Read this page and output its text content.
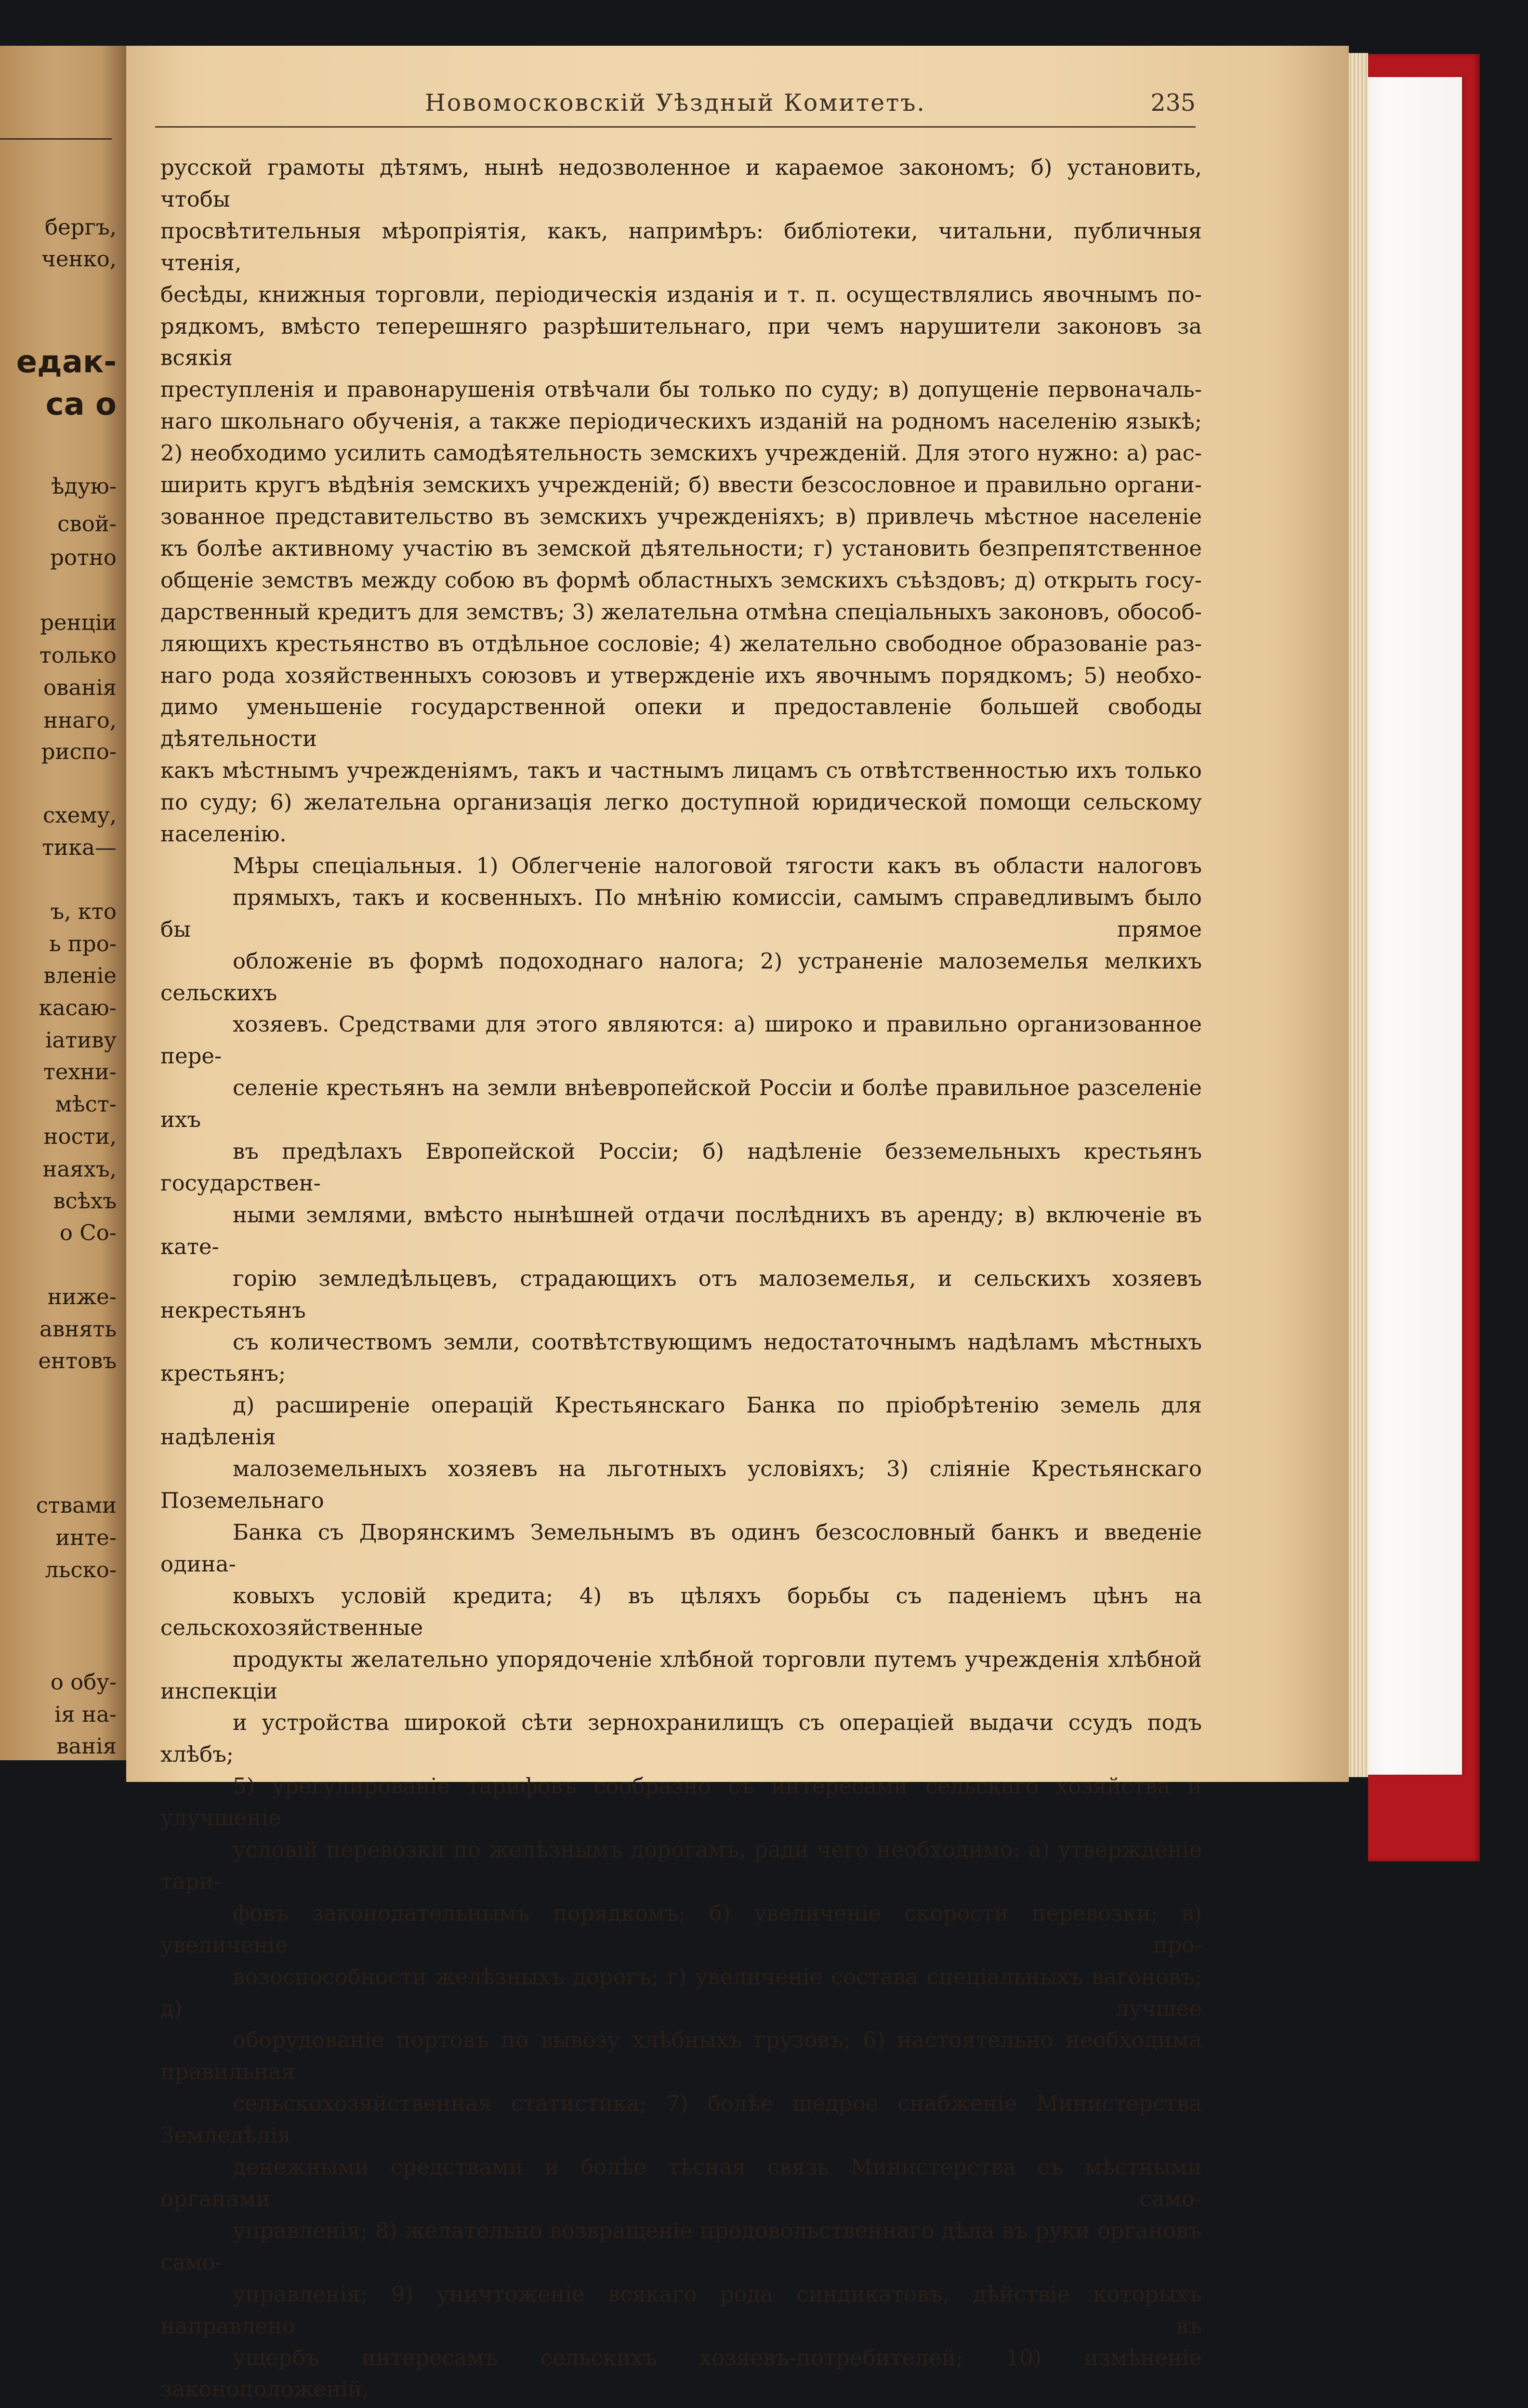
бергъ,

ченко,

едак-

са о

ѣдую-

свой-

ротно

ренціи

только

ованія

ннаго,

риспо-

схему,

тика—

ъ, кто

ь про-

вленіе

касаю-

іативу

техни-

мѣст-

ности,

наяхъ,

всѣхъ

о Со-

ниже-

авнять

ентовъ

ствами

инте-

льско-

о обу-

ія на-

ванія

Новомосковскій Уѣздный Комитетъ.	235

русской грамоты дѣтямъ, нынѣ недозволенное и караемое закономъ; б) установить, чтобы
просвѣтительныя мѣропріятія, какъ, напримѣръ: библіотеки, читальни, публичныя чтенія,
бесѣды, книжныя торговли, періодическія изданія и т. п. осуществлялись явочнымъ по-
рядкомъ, вмѣсто теперешняго разрѣшительнаго, при чемъ нарушители законовъ за всякія
преступленія и правонарушенія отвѣчали бы только по суду; в) допущеніе первоначаль-
наго школьнаго обученія, а также періодическихъ изданій на родномъ населенію языкѣ;
2) необходимо усилить самодѣятельность земскихъ учрежденій. Для этого нужно: а) рас-
ширить кругъ вѣдѣнія земскихъ учрежденій; б) ввести безсословное и правильно органи-
зованное представительство въ земскихъ учрежденіяхъ; в) привлечь мѣстное населеніе
къ болѣе активному участію въ земской дѣятельности; г) установить безпрепятственное
общеніе земствъ между собою въ формѣ областныхъ земскихъ съѣздовъ; д) открыть госу-
дарственный кредитъ для земствъ; 3) желательна отмѣна спеціальныхъ законовъ, обособ-
ляющихъ крестьянство въ отдѣльное сословіе; 4) желательно свободное образованіе раз-
наго рода хозяйственныхъ союзовъ и утвержденіе ихъ явочнымъ порядкомъ; 5) необхо-
димо уменьшеніе государственной опеки и предоставленіе большей свободы дѣятельности
какъ мѣстнымъ учрежденіямъ, такъ и частнымъ лицамъ съ отвѣтственностью ихъ только
по суду; 6) желательна организація легко доступной юридической помощи сельскому
населенію.

Мѣры спеціальныя. 1) Облегченіе налоговой тягости какъ въ области налоговъ
прямыхъ, такъ и косвенныхъ. По мнѣнію комиссіи, самымъ справедливымъ было бы прямое
обложеніе въ формѣ подоходнаго налога; 2) устраненіе малоземелья мелкихъ сельскихъ
хозяевъ. Средствами для этого являются: а) широко и правильно организованное пере-
селеніе крестьянъ на земли внѣевропейской Россіи и болѣе правильное разселеніе ихъ
въ предѣлахъ Европейской Россіи; б) надѣленіе безземельныхъ крестьянъ государствен-
ными землями, вмѣсто нынѣшней отдачи послѣднихъ въ аренду; в) включеніе въ кате-
горію земледѣльцевъ, страдающихъ отъ малоземелья, и сельскихъ хозяевъ некрестьянъ
съ количествомъ земли, соотвѣтствующимъ недостаточнымъ надѣламъ мѣстныхъ крестьянъ;
д) расширеніе операцій Крестьянскаго Банка по пріобрѣтенію земель для надѣленія
малоземельныхъ хозяевъ на льготныхъ условіяхъ; 3) сліяніе Крестьянскаго Поземельнаго
Банка съ Дворянскимъ Земельнымъ въ одинъ безсословный банкъ и введеніе одина-
ковыхъ условій кредита; 4) въ цѣляхъ борьбы съ паденіемъ цѣнъ на сельскохозяйственные
продукты желательно упорядоченіе хлѣбной торговли путемъ учрежденія хлѣбной инспекціи
и устройства широкой сѣти зернохранилищъ съ операціей выдачи ссудъ подъ хлѣбъ;
5) урегулированіе тарифовъ сообразно съ интересами сельскаго хозяйства и улучшеніе
условій перевозки по желѣзнымъ дорогамъ, ради чего необходимо: а) утвержденіе тари-
фовъ законодательнымъ порядкомъ; б) увеличеніе скорости перевозки; в) увеличеніе про-
возоспособности желѣзныхъ дорогъ; г) увеличеніе состава спеціальныхъ вагоновъ; д) лучшее
оборудованіе портовъ по вывозу хлѣбныхъ грузовъ; 6) настоятельно необходима правильная
сельскохозяйственная статистика; 7) болѣе щедрое снабженіе Министерства Земледѣлія
денежными средствами и болѣе тѣсная связь Министерства съ мѣстными органами само-
управленія; 8) желательно возвращеніе продовольственнаго дѣла въ руки органовъ само-
управленія; 9) уничтоженіе всякаго рода синдикатовъ, дѣйствіе которыхъ направлено въ
ущербъ интересамъ сельскихъ хозяевъ-потребителей; 10) измѣненіе законоположеній,
